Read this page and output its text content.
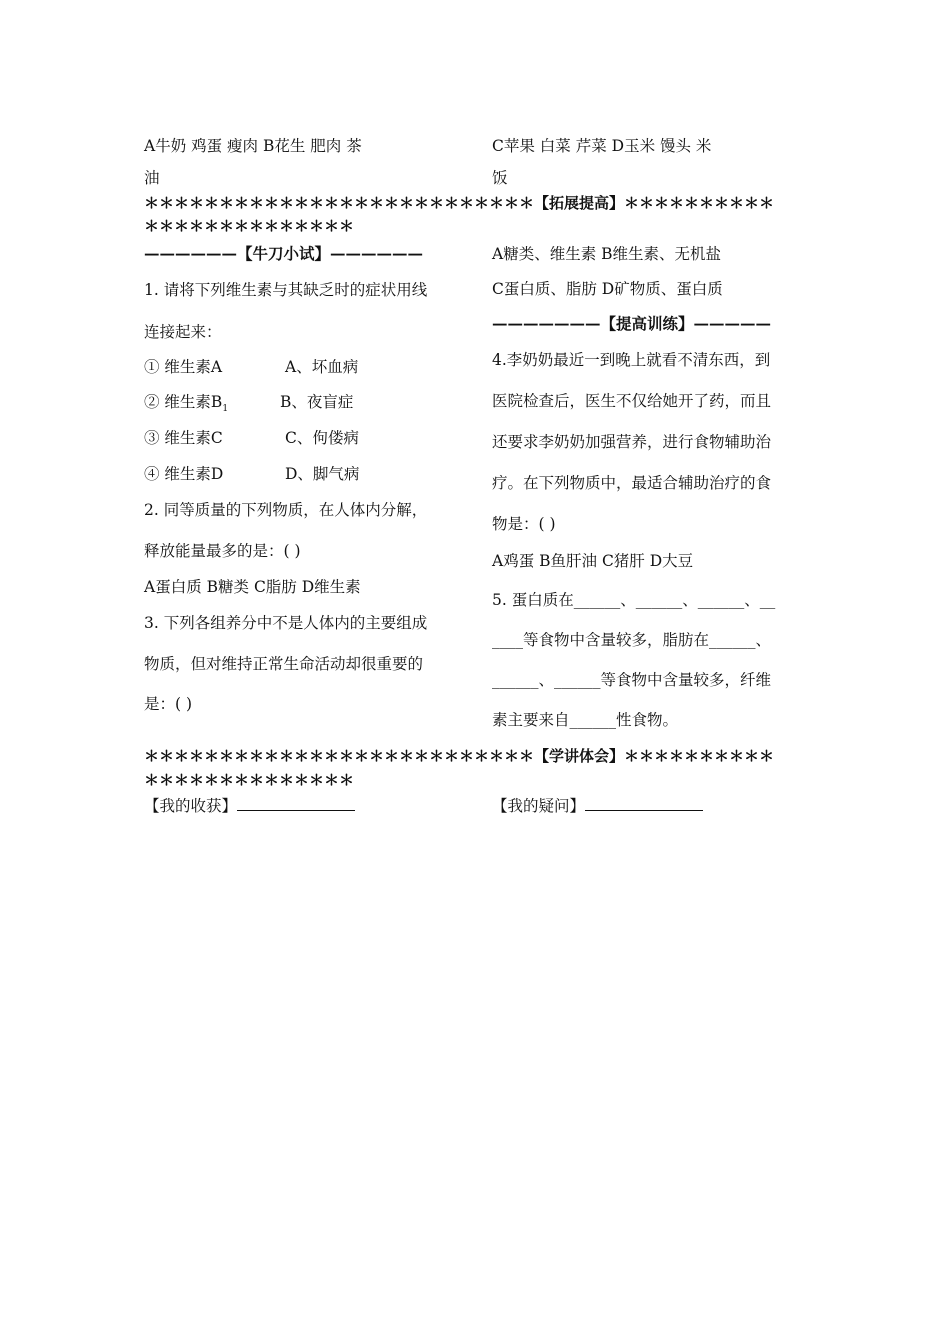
A牛奶 鸡蛋 瘦肉 B花生 肥肉 茶
油
C苹果 白菜 芹菜 D玉米 馒头 米
饭
＊＊＊＊＊＊＊＊＊＊＊＊＊＊＊＊＊＊＊＊＊＊＊＊＊＊【拓展提高】＊＊＊＊＊＊＊＊＊＊
＊＊＊＊＊＊＊＊＊＊＊＊＊＊
——————【牛刀小试】——————
1. 请将下列维生素与其缺乏时的症状用线
连接起来：
① 维生素A	A、坏血病
② 维生素$B_1$	B、夜盲症
③ 维生素C	C、佝偻病
④ 维生素D	D、脚气病
2. 同等质量的下列物质，在人体内分解，
释放能量最多的是：( )
A蛋白质 B糖类 C脂肪 D维生素
3. 下列各组养分中不是人体内的主要组成
物质，但对维持正常生命活动却很重要的
是：( )
A糖类、维生素 B维生素、无机盐
C蛋白质、脂肪 D矿物质、蛋白质
———————【提高训练】—————
4.李奶奶最近一到晚上就看不清东西，到
医院检查后，医生不仅给她开了药，而且
还要求李奶奶加强营养，进行食物辅助治
疗。在下列物质中，最适合辅助治疗的食
物是：( )
A鸡蛋 B鱼肝油 C猪肝 D大豆
5. 蛋白质在______、______、______、__
____等食物中含量较多，脂肪在______、
______、______等食物中含量较多，纤维
素主要来自______性食物。
＊＊＊＊＊＊＊＊＊＊＊＊＊＊＊＊＊＊＊＊＊＊＊＊＊＊【学讲体会】＊＊＊＊＊＊＊＊＊＊
＊＊＊＊＊＊＊＊＊＊＊＊＊＊
【我的收获】	【我的疑问】
